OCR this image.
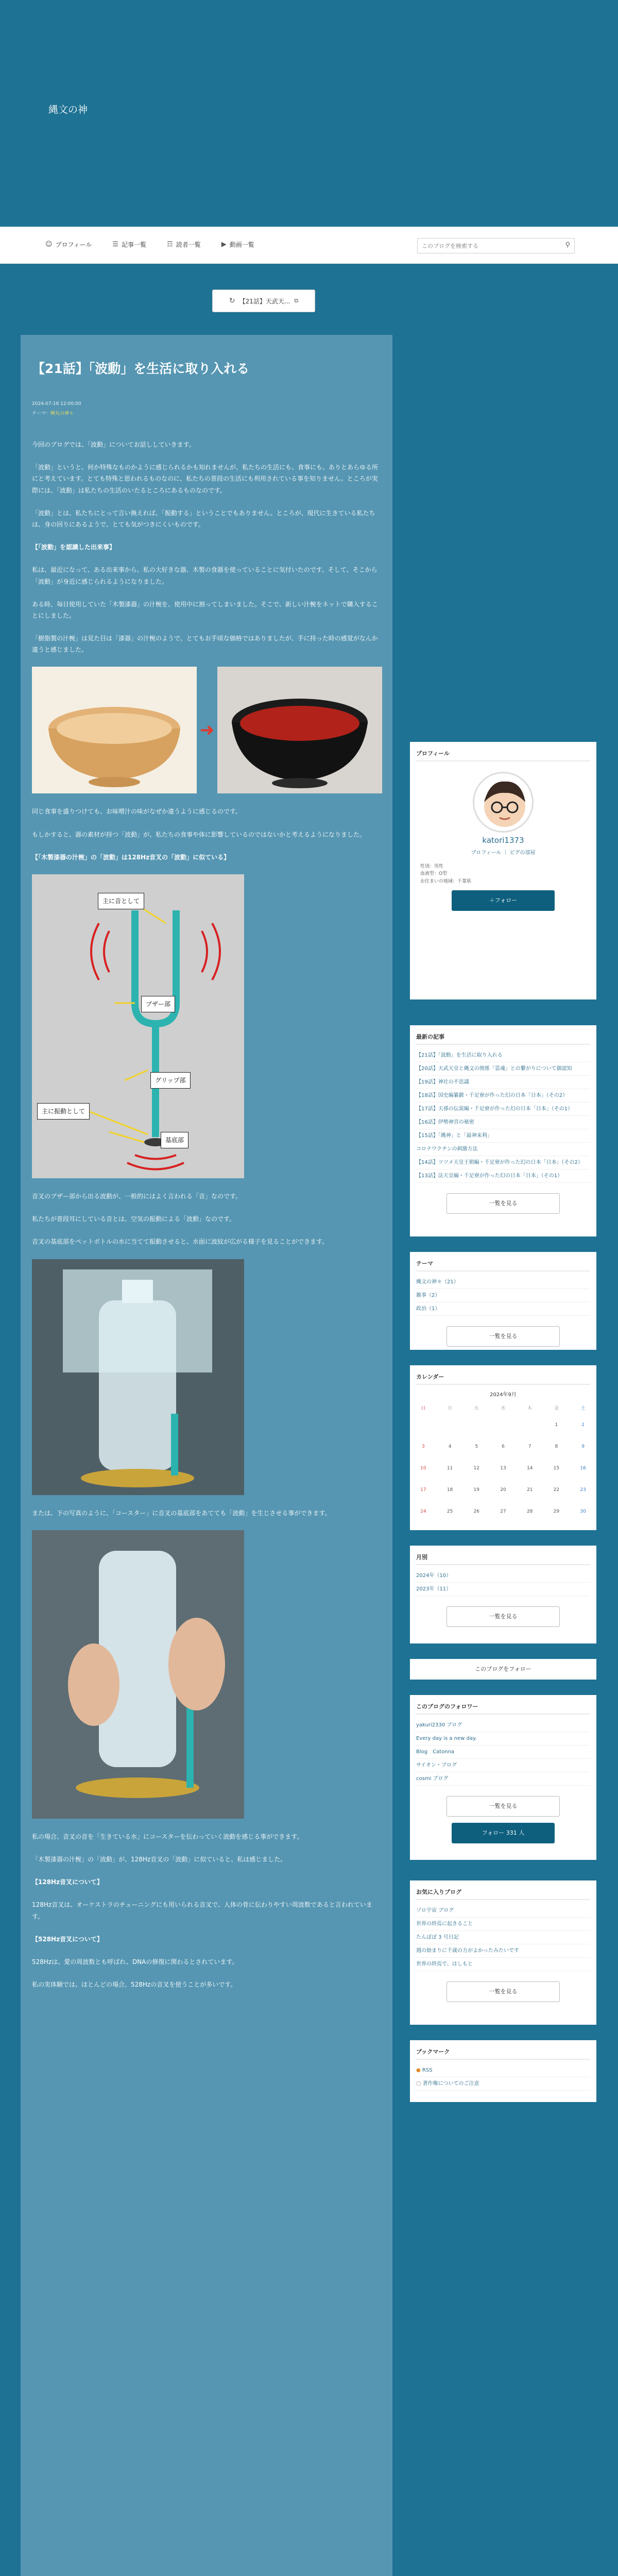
縄文の神
☺ プロフィール	☰ 記事一覧	☶ 読者一覧	▶ 動画一覧
このブログを検索する	⚲
↻ 【21話】天武天... ⧉
【21話】「波動」を生活に取り入れる
2024-07-16 12:00:00
テーマ：蝉丸の神々

今回のブログでは、「波動」についてお話ししていきます。

「波動」というと、何か特殊なものかように感じられるかも知れませんが、私たちの生活にも、食事にも、ありとあらゆる所にと考えています。とても特殊と思われるものなのに、私たちの普段の生活にも利用されている事を知りません。ところが実際には、「波動」は私たちの生活のいたるところにあるものなのです。

「波動」とは、私たちにとって言い換えれば、「振動する」ということでもありません。ところが、現代に生きている私たちは、身の回りにあるようで、とても気がつきにくいものです。

【「波動」を認識した出来事】

私は、最近になって、ある出来事から、私の大好きな器、木製の食器を使っていることに気付いたのです。そして、そこから「波動」が身近に感じられるようになりました。

ある時、毎日使用していた「木製漆器」の汁椀を、使用中に割ってしまいました。そこで、新しい汁椀をネットで購入することにしました。

「樹脂製の汁椀」は見た目は「漆器」の汁椀のようで、とてもお手頃な価格ではありましたが、手に持った時の感覚がなんか違うと感じました。

➜

同じ食事を盛りつけても、お味噌汁の味がなぜか違うように感じるのです。

もしかすると、器の素材が持つ「波動」が、私たちの食事や体に影響しているのではないかと考えるようになりました。

【「木製漆器の汁椀」の「波動」は128Hz音叉の「波動」に似ている】

主に音として
ブザー部
グリップ部
主に振動として
基底部

音叉のブザー部から出る波動が、一般的にはよく言われる「音」なのです。

私たちが普段耳にしている音とは、空気の振動による「波動」なのです。

音叉の基底部をペットボトルの水に当てて振動させると、水面に波紋が広がる様子を見ることができます。

または、下の写真のように、「コースター」に音叉の基底部をあてても「波動」を生じさせる事ができます。

私の場合、音叉の音を「生きている水」にコースターを伝わっていく波動を感じる事ができます。

「木製漆器の汁椀」の「波動」が、128Hz音叉の「波動」に似ていると、私は感じました。

【128Hz音叉について】

128Hz音叉は、オーケストラのチューニングにも用いられる音叉で、人体の骨に伝わりやすい周波数であると言われています。

【528Hz音叉について】

528Hzは、愛の周波数とも呼ばれ、DNAの修復に関わるとされています。

私の実体験では、ほとんどの場合、528Hzの音叉を使うことが多いです。

プロフィール
katori1373
プロフィール ｜ ピグの部屋
性別：男性
血液型：O型
お住まいの地域：千葉県
＋フォロー
最新の記事
【21話】「波動」を生活に取り入れる
【20話】天武天皇と縄文の関係「霊魂」との繋がりについて御認知
【19話】神社の不思議
【18話】国史編纂鍛・千足寮が作った幻の日本「日本」（その2）
【17話】天孫の伝説編・千足寮が作った幻の日本「日本」（その1）
【16話】伊勢神宮の秘密
【15話】「縄神」と「最神来利」
コロナワクチンの刺激方法
【14話】ツツメ天皇王朝編・千足寮が作った幻の日本「日本」（その2）
【13話】法天皇編・千足寮が作った幻の日本「日本」（その1）
一覧を見る
テーマ
縄文の神々（21）
雑事（2）
政治（1）
一覧を見る
カレンダー
2024年9月
日	月	火	水	木	金	土
					1	2
3	4	5	6	7	8	9
10	11	12	13	14	15	16
17	18	19	20	21	22	23
24	25	26	27	28	29	30
月別
2024年（10）
2023年（11）
一覧を見る
このブログをフォロー
このブログのフォロワー
yakuri2330 ブログ
Every day is a new day.
Blog　Catonna
サイオン・ブログ
cosmi ブログ
一覧を見る
フォロー 331 人
お気に入りブログ
ゾロ宇宙 ブログ
世界の終焉に起きること
たんぽぽ 3 号日記
週の始まりに千歳の方がよかったみたいです
世界の終焉で、はしもと
一覧を見る
ブックマーク
● RSS
▢ 著作権についてのご注意
